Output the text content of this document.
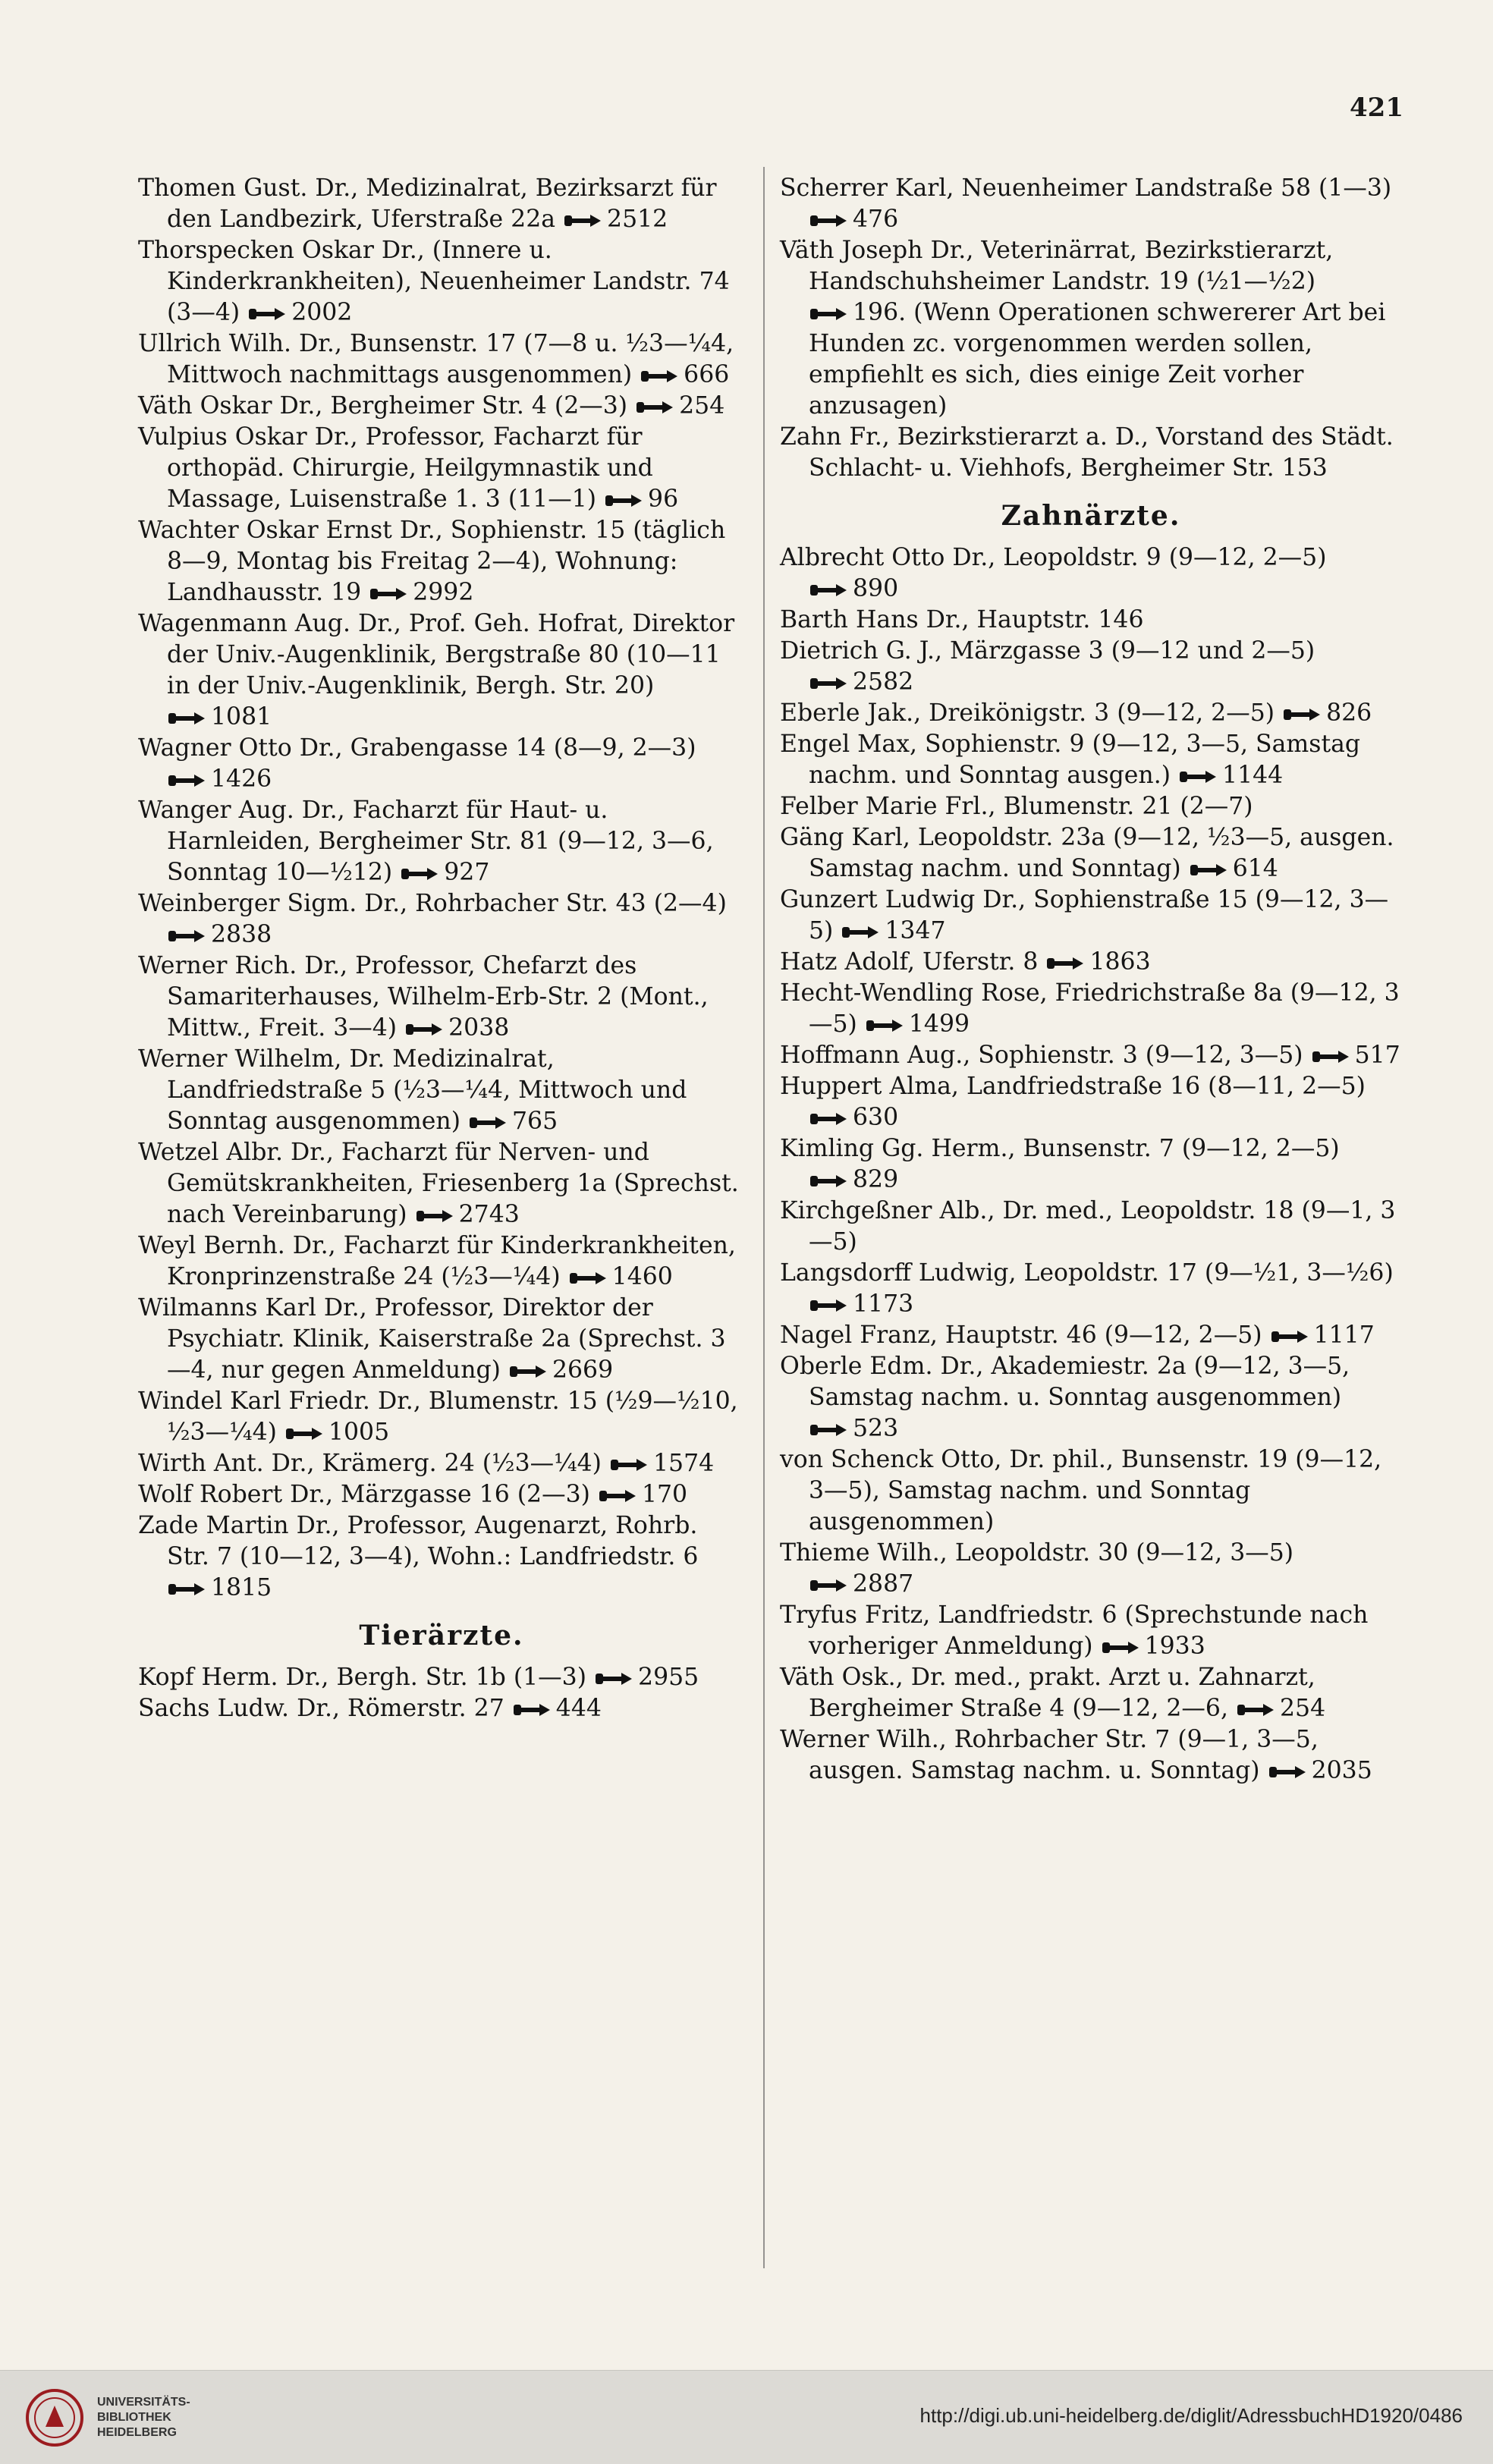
421

Thomen Gust. Dr., Medizinalrat, Bezirksarzt für den Landbezirk, Uferstraße 22a 2512

Thorspecken Oskar Dr., (Innere u. Kinderkrankheiten), Neuenheimer Landstr. 74 (3—4) 2002

Ullrich Wilh. Dr., Bunsenstr. 17 (7—8 u. ½3—¼4, Mittwoch nachmittags ausgenommen) 666

Väth Oskar Dr., Bergheimer Str. 4 (2—3) 254

Vulpius Oskar Dr., Professor, Facharzt für orthopäd. Chirurgie, Heilgymnastik und Massage, Luisenstraße 1. 3 (11—1) 96

Wachter Oskar Ernst Dr., Sophienstr. 15 (täglich 8—9, Montag bis Freitag 2—4), Wohnung: Landhausstr. 19 2992

Wagenmann Aug. Dr., Prof. Geh. Hofrat, Direktor der Univ.-Augenklinik, Bergstraße 80 (10—11 in der Univ.-Augenklinik, Bergh. Str. 20) 1081

Wagner Otto Dr., Grabengasse 14 (8—9, 2—3) 1426

Wanger Aug. Dr., Facharzt für Haut- u. Harnleiden, Bergheimer Str. 81 (9—12, 3—6, Sonntag 10—½12) 927

Weinberger Sigm. Dr., Rohrbacher Str. 43 (2—4) 2838

Werner Rich. Dr., Professor, Chefarzt des Samariterhauses, Wilhelm-Erb-Str. 2 (Mont., Mittw., Freit. 3—4) 2038

Werner Wilhelm, Dr. Medizinalrat, Landfriedstraße 5 (½3—¼4, Mittwoch und Sonntag ausgenommen) 765

Wetzel Albr. Dr., Facharzt für Nerven- und Gemütskrankheiten, Friesenberg 1a (Sprechst. nach Vereinbarung) 2743

Weyl Bernh. Dr., Facharzt für Kinderkrankheiten, Kronprinzenstraße 24 (½3—¼4) 1460

Wilmanns Karl Dr., Professor, Direktor der Psychiatr. Klinik, Kaiserstraße 2a (Sprechst. 3—4, nur gegen Anmeldung) 2669

Windel Karl Friedr. Dr., Blumenstr. 15 (½9—½10, ½3—¼4) 1005

Wirth Ant. Dr., Krämerg. 24 (½3—¼4) 1574

Wolf Robert Dr., Märzgasse 16 (2—3) 170

Zade Martin Dr., Professor, Augenarzt, Rohrb. Str. 7 (10—12, 3—4), Wohn.: Landfriedstr. 6 1815

Tierärzte.

Kopf Herm. Dr., Bergh. Str. 1b (1—3) 2955

Sachs Ludw. Dr., Römerstr. 27 444

Scherrer Karl, Neuenheimer Landstraße 58 (1—3) 476

Väth Joseph Dr., Veterinärrat, Bezirkstierarzt, Handschuhsheimer Landstr. 19 (½1—½2) 196. (Wenn Operationen schwererer Art bei Hunden zc. vorgenommen werden sollen, empfiehlt es sich, dies einige Zeit vorher anzusagen)

Zahn Fr., Bezirkstierarzt a. D., Vorstand des Städt. Schlacht- u. Viehhofs, Bergheimer Str. 153

Zahnärzte.

Albrecht Otto Dr., Leopoldstr. 9 (9—12, 2—5) 890

Barth Hans Dr., Hauptstr. 146

Dietrich G. J., Märzgasse 3 (9—12 und 2—5) 2582

Eberle Jak., Dreikönigstr. 3 (9—12, 2—5) 826

Engel Max, Sophienstr. 9 (9—12, 3—5, Samstag nachm. und Sonntag ausgen.) 1144

Felber Marie Frl., Blumenstr. 21 (2—7)

Gäng Karl, Leopoldstr. 23a (9—12, ½3—5, ausgen. Samstag nachm. und Sonntag) 614

Gunzert Ludwig Dr., Sophienstraße 15 (9—12, 3—5) 1347

Hatz Adolf, Uferstr. 8 1863

Hecht-Wendling Rose, Friedrichstraße 8a (9—12, 3—5) 1499

Hoffmann Aug., Sophienstr. 3 (9—12, 3—5) 517

Huppert Alma, Landfriedstraße 16 (8—11, 2—5) 630

Kimling Gg. Herm., Bunsenstr. 7 (9—12, 2—5) 829

Kirchgeßner Alb., Dr. med., Leopoldstr. 18 (9—1, 3—5)

Langsdorff Ludwig, Leopoldstr. 17 (9—½1, 3—½6) 1173

Nagel Franz, Hauptstr. 46 (9—12, 2—5) 1117

Oberle Edm. Dr., Akademiestr. 2a (9—12, 3—5, Samstag nachm. u. Sonntag ausgenommen) 523

von Schenck Otto, Dr. phil., Bunsenstr. 19 (9—12, 3—5), Samstag nachm. und Sonntag ausgenommen)

Thieme Wilh., Leopoldstr. 30 (9—12, 3—5) 2887

Tryfus Fritz, Landfriedstr. 6 (Sprechstunde nach vorheriger Anmeldung) 1933

Väth Osk., Dr. med., prakt. Arzt u. Zahnarzt, Bergheimer Straße 4 (9—12, 2—6, 254

Werner Wilh., Rohrbacher Str. 7 (9—1, 3—5, ausgen. Samstag nachm. u. Sonntag) 2035

UNIVERSITÄTS-
BIBLIOTHEK
HEIDELBERG
http://digi.ub.uni-heidelberg.de/diglit/AdressbuchHD1920/0486
